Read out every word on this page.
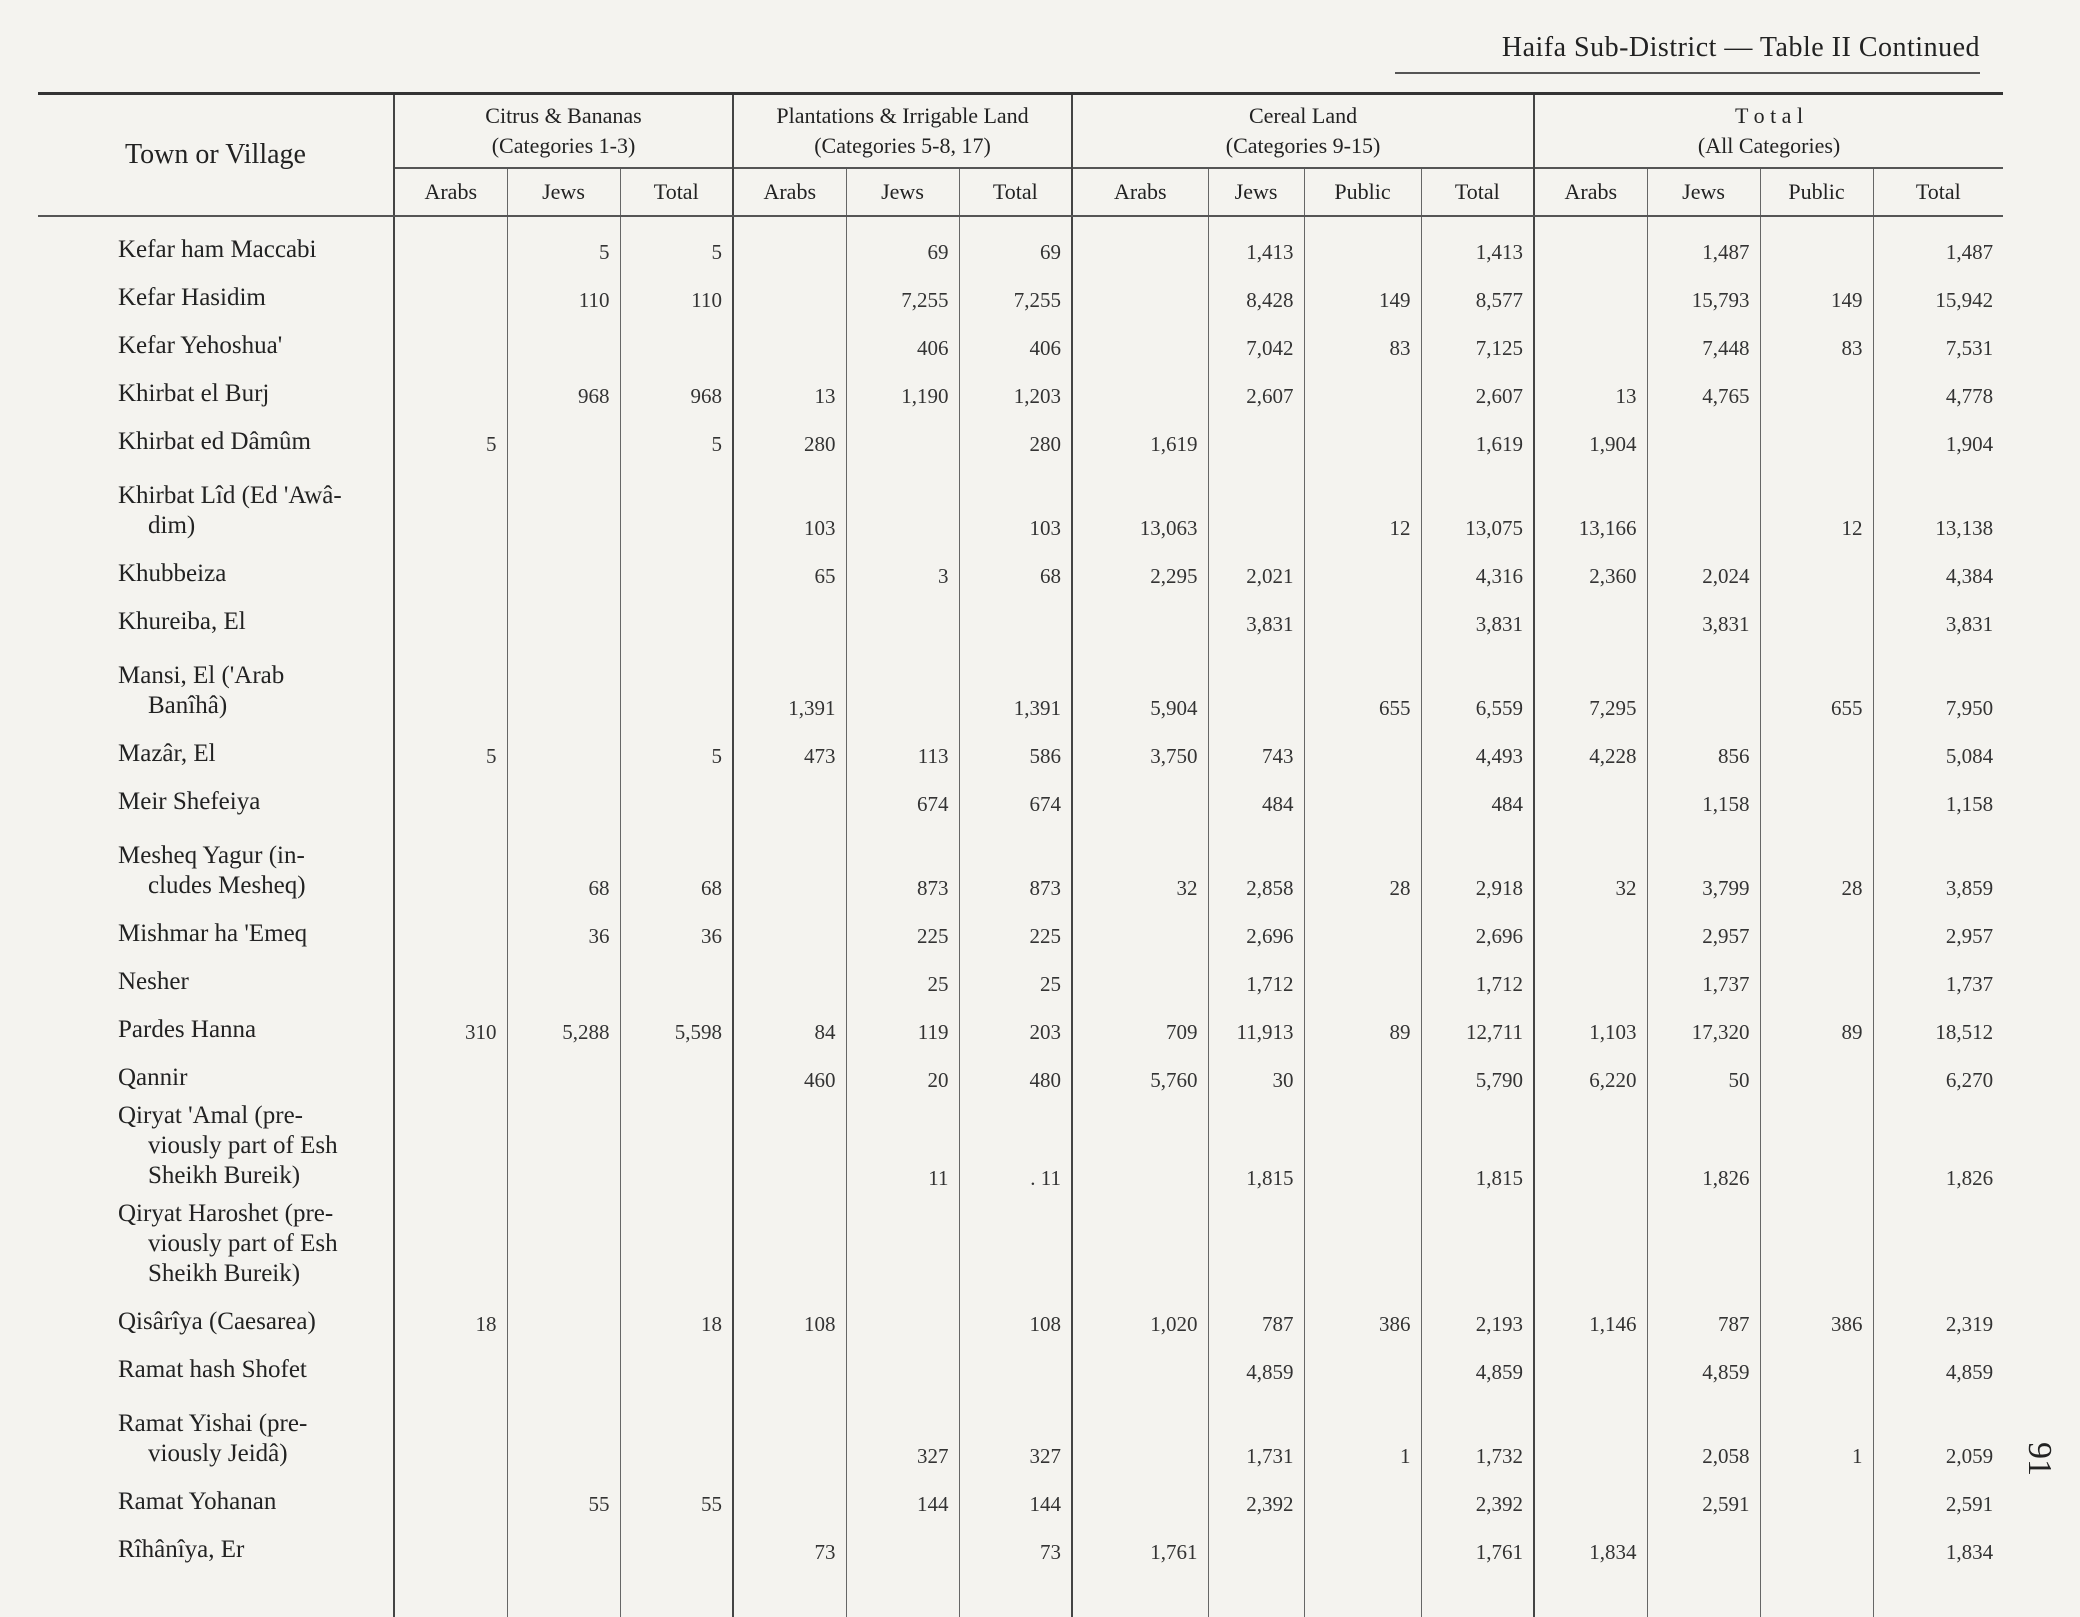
Haifa Sub-District — Table II Continued
Town or Village	Citrus & Bananas
(Categories 1-3)			Plantations & Irrigable Land
(Categories 5-8, 17)			Cereal Land
(Categories 9-15)				T o t a l
(All Categories)			
	Arabs	Jews	Total	Arabs	Jews	Total	Arabs	Jews	Public	Total	Arabs	Jews	Public	Total
Kefar ham Maccabi		5	5		69	69		1,413		1,413		1,487		1,487
Kefar Hasidim		110	110		7,255	7,255		8,428	149	8,577		15,793	149	15,942
Kefar Yehoshua'					406	406		7,042	83	7,125		7,448	83	7,531
Khirbat el Burj		968	968	13	1,190	1,203		2,607		2,607	13	4,765		4,778
Khirbat ed Dâmûm	5		5	280		280	1,619			1,619	1,904			1,904
Khirbat Lîd (Ed 'Awâ-
dim)				103		103	13,063		12	13,075	13,166		12	13,138
Khubbeiza				65	3	68	2,295	2,021		4,316	2,360	2,024		4,384
Khureiba, El								3,831		3,831		3,831		3,831
Mansi, El ('Arab
Banîhâ)				1,391		1,391	5,904		655	6,559	7,295		655	7,950
Mazâr, El	5		5	473	113	586	3,750	743		4,493	4,228	856		5,084
Meir Shefeiya					674	674		484		484		1,158		1,158
Mesheq Yagur (in-
cludes Mesheq)		68	68		873	873	32	2,858	28	2,918	32	3,799	28	3,859
Mishmar ha 'Emeq		36	36		225	225		2,696		2,696		2,957		2,957
Nesher					25	25		1,712		1,712		1,737		1,737
Pardes Hanna	310	5,288	5,598	84	119	203	709	11,913	89	12,711	1,103	17,320	89	18,512
Qannir				460	20	480	5,760	30		5,790	6,220	50		6,270
Qiryat 'Amal (pre-
viously part of Esh
Sheikh Bureik)					11	. 11		1,815		1,815		1,826		1,826
Qiryat Haroshet (pre-
viously part of Esh
Sheikh Bureik)														

Qisârîya (Caesarea)	18		18	108		108	1,020	787	386	2,193	1,146	787	386	2,319
Ramat hash Shofet								4,859		4,859		4,859		4,859
Ramat Yishai (pre-
viously Jeidâ)					327	327		1,731	1	1,732		2,058	1	2,059
Ramat Yohanan		55	55		144	144		2,392		2,392		2,591		2,591
Rîhânîya, Er				73		73	1,761			1,761	1,834			1,834

91
